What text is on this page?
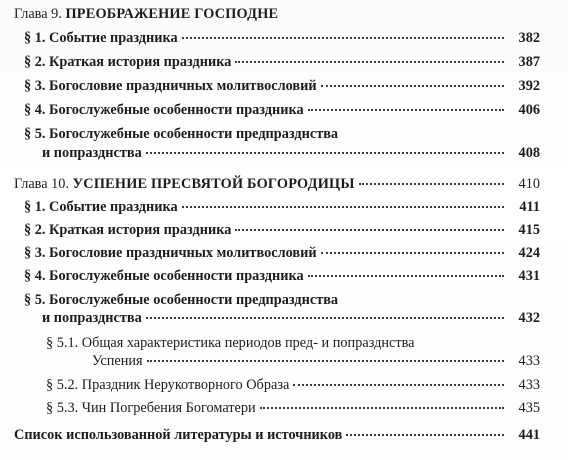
Глава 9. ПРЕОБРАЖЕНИЕ ГОСПОДНЕ
§ 1. Событие праздника	382
§ 2. Краткая история праздника	387
§ 3. Богословие праздничных молитвословий	392
§ 4. Богослужебные особенности праздника	406
§ 5. Богослужебные особенности предпразднства
и попразднства	408
Глава 10. УСПЕНИЕ ПРЕСВЯТОЙ БОГОРОДИЦЫ	410
§ 1. Событие праздника	411
§ 2. Краткая история праздника	415
§ 3. Богословие праздничных молитвословий	424
§ 4. Богослужебные особенности праздника	431
§ 5. Богослужебные особенности предпразднства
и попразднства	432
§ 5.1. Общая характеристика периодов пред- и попразднства
Успения	433
§ 5.2. Праздник Нерукотворного Образа	433
§ 5.3. Чин Погребения Богоматери	435
Список использованной литературы и источников	441
